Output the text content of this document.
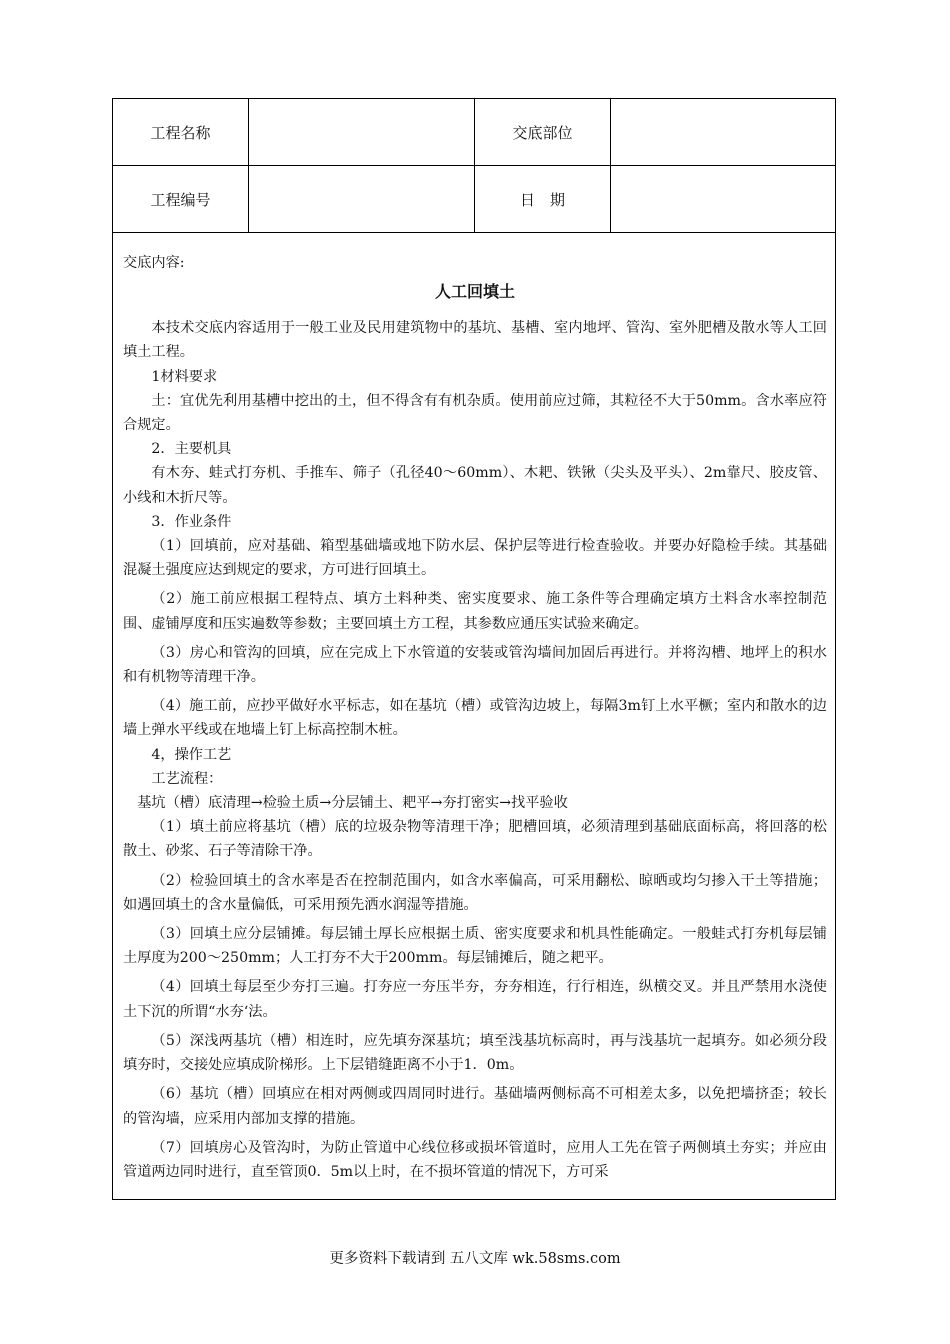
工程名称	交底部位
工程编号	日　期

交底内容:

人工回填土

本技术交底内容适用于一般工业及民用建筑物中的基坑、基槽、室内地坪、管沟、室外肥槽及散水等人工回填土工程。

1材料要求

土：宜优先利用基槽中挖出的土，但不得含有有机杂质。使用前应过筛，其粒径不大于50mm。含水率应符合规定。

2．主要机具

有木夯、蛙式打夯机、手推车、筛子（孔径40～60mm）、木耙、铁锹（尖头及平头）、2m靠尺、胶皮管、小线和木折尺等。

3．作业条件

（1）回填前，应对基础、箱型基础墙或地下防水层、保护层等进行检查验收。并要办好隐检手续。其基础混凝土强度应达到规定的要求，方可进行回填土。

（2）施工前应根据工程特点、填方土料种类、密实度要求、施工条件等合理确定填方土料含水率控制范围、虚铺厚度和压实遍数等参数；主要回填土方工程，其参数应通压实试验来确定。

（3）房心和管沟的回填，应在完成上下水管道的安装或管沟墙间加固后再进行。并将沟槽、地坪上的积水和有机物等清理干净。

（4）施工前，应抄平做好水平标志，如在基坑（槽）或管沟边坡上，每隔3m钉上水平橛；室内和散水的边墙上弹水平线或在地墙上钉上标高控制木桩。

4，操作工艺

工艺流程：

基坑（槽）底清理→检验土质→分层铺土、耙平→夯打密实→找平验收

（1）填土前应将基坑（槽）底的垃圾杂物等清理干净；肥槽回填，必须清理到基础底面标高，将回落的松散土、砂浆、石子等清除干净。

（2）检验回填土的含水率是否在控制范围内，如含水率偏高，可采用翻松、晾晒或均匀掺入干土等措施；如遇回填土的含水量偏低，可采用预先洒水润湿等措施。

（3）回填土应分层铺摊。每层铺土厚长应根据土质、密实度要求和机具性能确定。一般蛙式打夯机每层铺土厚度为200～250mm；人工打夯不大于200mm。每层铺摊后，随之耙平。

（4）回填土每层至少夯打三遍。打夯应一夯压半夯，夯夯相连，行行相连，纵横交叉。并且严禁用水浇使土下沉的所谓“水夯‘法。

（5）深浅两基坑（槽）相连时，应先填夯深基坑；填至浅基坑标高时，再与浅基坑一起填夯。如必须分段填夯时，交接处应填成阶梯形。上下层错缝距离不小于1．0m。

（6）基坑（槽）回填应在相对两侧或四周同时进行。基础墙两侧标高不可相差太多，以免把墙挤歪；较长的管沟墙，应采用内部加支撑的措施。

（7）回填房心及管沟时，为防止管道中心线位移或损坏管道时，应用人工先在管子两侧填土夯实；并应由管道两边同时进行，直至管顶0．5m以上时，在不损坏管道的情况下，方可采

更多资料下载请到 五八文库 wk.58sms.com
